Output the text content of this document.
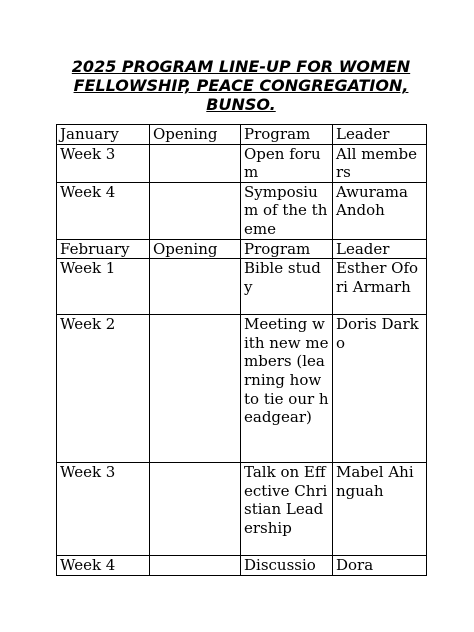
2025 PROGRAM LINE-UP FOR WOMEN
FELLOWSHIP, PEACE CONGREGATION,
BUNSO.
January	Opening	Program	Leader
Week 3		Open forum	All members
Week 4		Symposium of the theme	Awurama Andoh
February	Opening	Program	Leader
Week 1		Bible study	Esther Ofori Armarh
Week 2		Meeting with new members (learning how to tie our headgear)	Doris Darko
Week 3		Talk on Effective Christian Leadership	Mabel Ahinguah
Week 4		Discussio	Dora
